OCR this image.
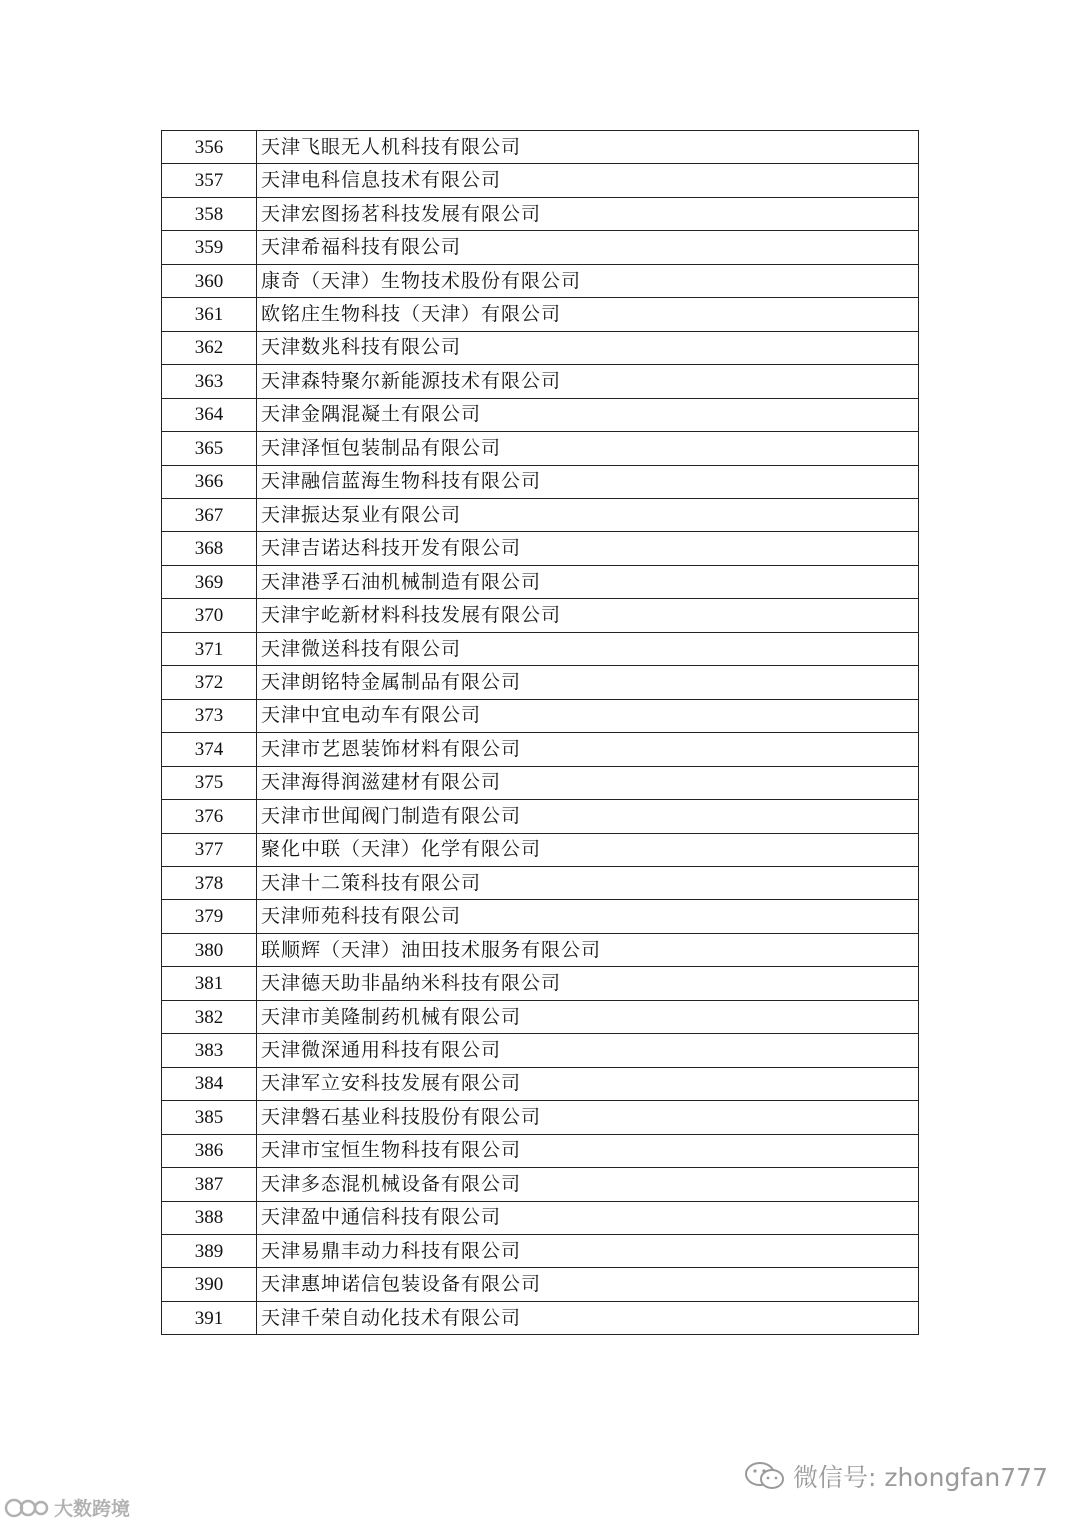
356	天津飞眼无人机科技有限公司
357	天津电科信息技术有限公司
358	天津宏图扬茗科技发展有限公司
359	天津希福科技有限公司
360	康奇（天津）生物技术股份有限公司
361	欧铭庄生物科技（天津）有限公司
362	天津数兆科技有限公司
363	天津森特聚尔新能源技术有限公司
364	天津金隅混凝土有限公司
365	天津泽恒包装制品有限公司
366	天津融信蓝海生物科技有限公司
367	天津振达泵业有限公司
368	天津吉诺达科技开发有限公司
369	天津港孚石油机械制造有限公司
370	天津宇屹新材料科技发展有限公司
371	天津微送科技有限公司
372	天津朗铭特金属制品有限公司
373	天津中宜电动车有限公司
374	天津市艺恩装饰材料有限公司
375	天津海得润滋建材有限公司
376	天津市世闻阀门制造有限公司
377	聚化中联（天津）化学有限公司
378	天津十二策科技有限公司
379	天津师苑科技有限公司
380	联顺辉（天津）油田技术服务有限公司
381	天津德天助非晶纳米科技有限公司
382	天津市美隆制药机械有限公司
383	天津微深通用科技有限公司
384	天津军立安科技发展有限公司
385	天津磐石基业科技股份有限公司
386	天津市宝恒生物科技有限公司
387	天津多态混机械设备有限公司
388	天津盈中通信科技有限公司
389	天津易鼎丰动力科技有限公司
390	天津惠坤诺信包装设备有限公司
391	天津千荣自动化技术有限公司
微信号: zhongfan777
大数跨境
